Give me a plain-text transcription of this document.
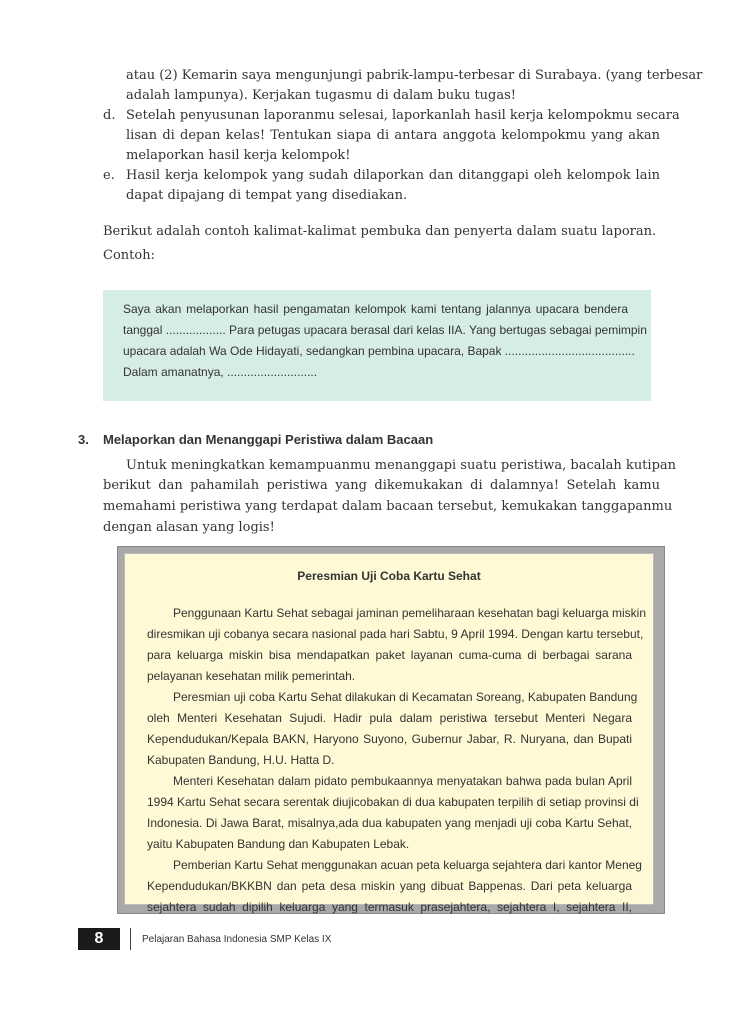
atau (2) Kemarin saya mengunjungi pabrik-lampu-terbesar di Surabaya. (yang terbesar
adalah lampunya). Kerjakan tugasmu di dalam buku tugas!
d. Setelah penyusunan laporanmu selesai, laporkanlah hasil kerja kelompokmu secara
lisan di depan kelas! Tentukan siapa di antara anggota kelompokmu yang akan
melaporkan hasil kerja kelompok!
e. Hasil kerja kelompok yang sudah dilaporkan dan ditanggapi oleh kelompok lain
dapat dipajang di tempat yang disediakan.
Berikut adalah contoh kalimat-kalimat pembuka dan penyerta dalam suatu laporan.
Contoh:
Saya akan melaporkan hasil pengamatan kelompok kami tentang jalannya upacara bendera
tanggal .................. Para petugas upacara berasal dari kelas IIA. Yang bertugas sebagai pemimpin
upacara adalah Wa Ode Hidayati, sedangkan pembina upacara, Bapak .......................................
Dalam amanatnya, ...........................
3. Melaporkan dan Menanggapi Peristiwa dalam Bacaan
Untuk meningkatkan kemampuanmu menanggapi suatu peristiwa, bacalah kutipan
berikut dan pahamilah peristiwa yang dikemukakan di dalamnya! Setelah kamu
memahami peristiwa yang terdapat dalam bacaan tersebut, kemukakan tanggapanmu
dengan alasan yang logis!
Peresmian Uji Coba Kartu Sehat
Penggunaan Kartu Sehat sebagai jaminan pemeliharaan kesehatan bagi keluarga miskin
diresmikan uji cobanya secara nasional pada hari Sabtu, 9 April 1994. Dengan kartu tersebut,
para keluarga miskin bisa mendapatkan paket layanan cuma-cuma di berbagai sarana
pelayanan kesehatan milik pemerintah.
Peresmian uji coba Kartu Sehat dilakukan di Kecamatan Soreang, Kabupaten Bandung
oleh Menteri Kesehatan Sujudi. Hadir pula dalam peristiwa tersebut Menteri Negara
Kependudukan/Kepala BAKN, Haryono Suyono, Gubernur Jabar, R. Nuryana, dan Bupati
Kabupaten Bandung, H.U. Hatta D.
Menteri Kesehatan dalam pidato pembukaannya menyatakan bahwa pada bulan April
1994 Kartu Sehat secara serentak diujicobakan di dua kabupaten terpilih di setiap provinsi di
Indonesia. Di Jawa Barat, misalnya,ada dua kabupaten yang menjadi uji coba Kartu Sehat,
yaitu Kabupaten Bandung dan Kabupaten Lebak.
Pemberian Kartu Sehat menggunakan acuan peta keluarga sejahtera dari kantor Meneg
Kependudukan/BKKBN dan peta desa miskin yang dibuat Bappenas. Dari peta keluarga
sejahtera sudah dipilih keluarga yang termasuk prasejahtera, sejahtera I, sejahtera II,
8	Pelajaran Bahasa Indonesia SMP Kelas IX
